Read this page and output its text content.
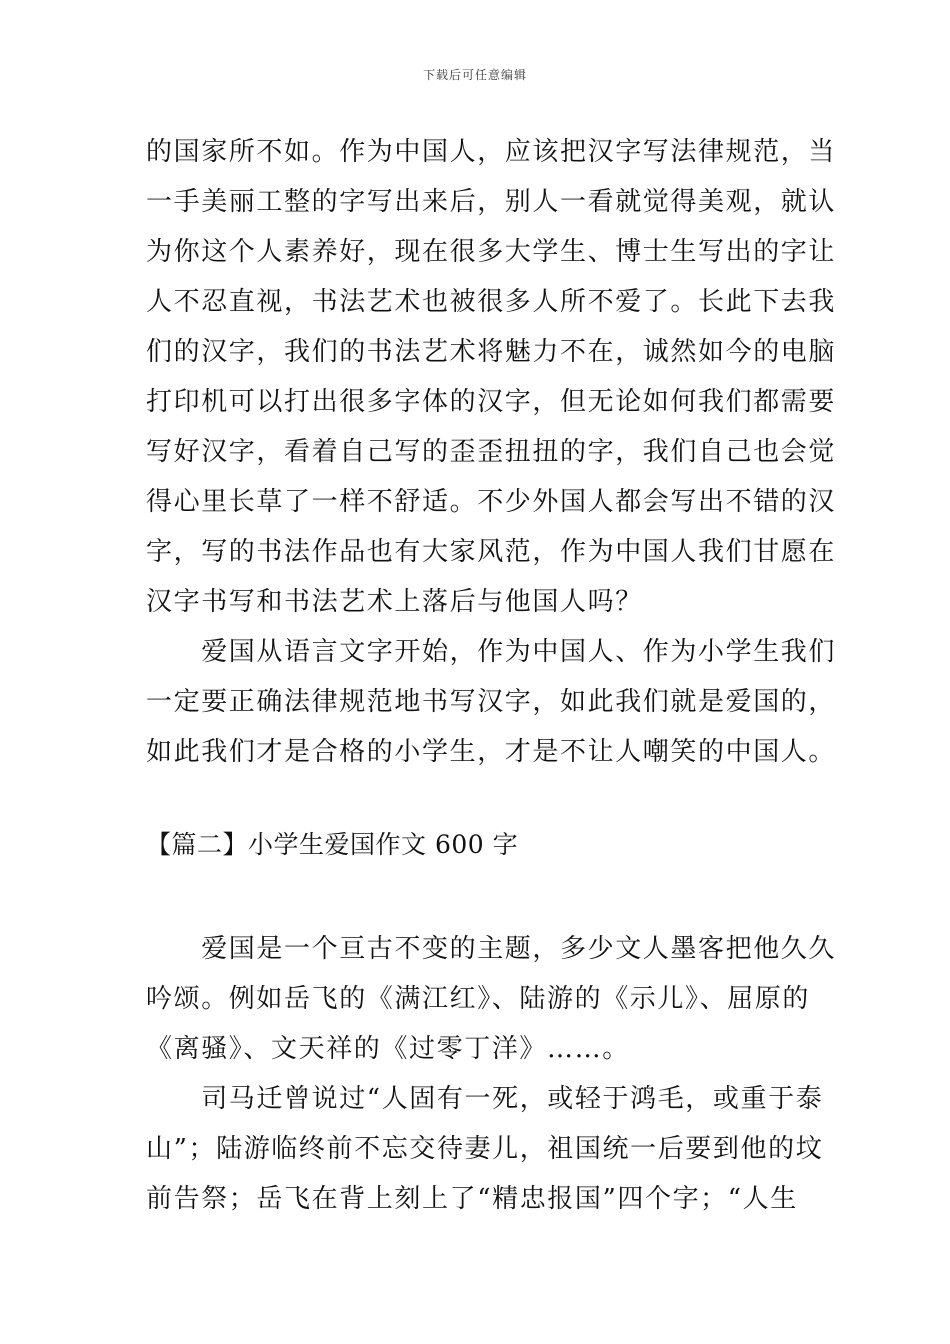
下载后可任意编辑
的国家所不如。作为中国人，应该把汉字写法律规范，当
一手美丽工整的字写出来后，别人一看就觉得美观，就认
为你这个人素养好，现在很多大学生、博士生写出的字让
人不忍直视，书法艺术也被很多人所不爱了。长此下去我
们的汉字，我们的书法艺术将魅力不在，诚然如今的电脑
打印机可以打出很多字体的汉字，但无论如何我们都需要
写好汉字，看着自己写的歪歪扭扭的字，我们自己也会觉
得心里长草了一样不舒适。不少外国人都会写出不错的汉
字，写的书法作品也有大家风范，作为中国人我们甘愿在
汉字书写和书法艺术上落后与他国人吗？
　　爱国从语言文字开始，作为中国人、作为小学生我们
一定要正确法律规范地书写汉字，如此我们就是爱国的，
如此我们才是合格的小学生，才是不让人嘲笑的中国人。
【篇二】小学生爱国作文 600 字
　　爱国是一个亘古不变的主题，多少文人墨客把他久久
吟颂。例如岳飞的《满江红》、陆游的《示儿》、屈原的
《离骚》、文天祥的《过零丁洋》……。
　　司马迁曾说过“人固有一死，或轻于鸿毛，或重于泰
山”；陆游临终前不忘交待妻儿，祖国统一后要到他的坟
前告祭；岳飞在背上刻上了“精忠报国”四个字；“人生
